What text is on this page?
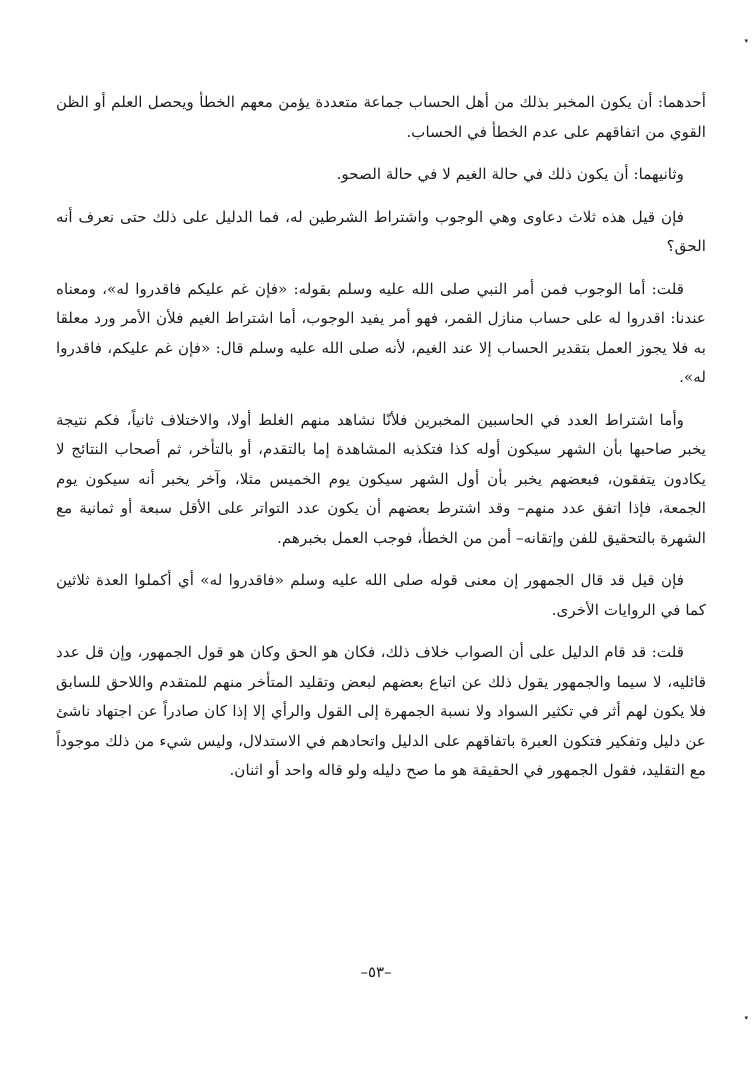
▾

أحدهما: أن يكون المخبر بذلك من أهل الحساب جماعة متعددة يؤمن معهم الخطأ ويحصل العلم أو الظن القوي من اتفاقهم على عدم الخطأ في الحساب.

وثانيهما: أن يكون ذلك في حالة الغيم لا في حالة الصحو.

فإن قيل هذه ثلاث دعاوى وهي الوجوب واشتراط الشرطين له، فما الدليل على ذلك حتى نعرف أنه الحق؟

قلت: أما الوجوب فمن أمر النبي صلى الله عليه وسلم بقوله: «فإن غم عليكم فاقدروا له»، ومعناه عندنا: اقدروا له على حساب منازل القمر، فهو أمر يفيد الوجوب، أما اشتراط الغيم فلأن الأمر ورد معلقا به فلا يجوز العمل بتقدير الحساب إلا عند الغيم، لأنه صلى الله عليه وسلم قال: «فإن غم عليكم، فاقدروا له».

وأما اشتراط العدد في الحاسبين المخبرين فلأنّا نشاهد منهم الغلط أولا، والاختلاف ثانياً، فكم نتيجة يخبر صاحبها بأن الشهر سيكون أوله كذا فتكذبه المشاهدة إما بالتقدم، أو بالتأخر، ثم أصحاب النتائج لا يكادون يتفقون، فبعضهم يخبر بأن أول الشهر سيكون يوم الخميس مثلا، وآخر يخبر أنه سيكون يوم الجمعة، فإذا اتفق عدد منهم– وقد اشترط بعضهم أن يكون عدد التواتر على الأقل سبعة أو ثمانية مع الشهرة بالتحقيق للفن وإتقانه– أمن من الخطأ، فوجب العمل بخبرهم.

فإن قيل قد قال الجمهور إن معنى قوله صلى الله عليه وسلم «فاقدروا له» أي أكملوا العدة ثلاثين كما في الروايات الأخرى.

قلت: قد قام الدليل على أن الصواب خلاف ذلك، فكان هو الحق وكان هو قول الجمهور، وإن قل عدد قائليه، لا سيما والجمهور يقول ذلك عن اتباع بعضهم لبعض وتقليد المتأخر منهم للمتقدم واللاحق للسابق فلا يكون لهم أثر في تكثير السواد ولا نسبة الجمهرة إلى القول والرأي إلا إذا كان صادراً عن اجتهاد ناشئ عن دليل وتفكير فتكون العبرة باتفاقهم على الدليل واتحادهم في الاستدلال، وليس شيء من ذلك موجوداً مع التقليد، فقول الجمهور في الحقيقة هو ما صح دليله ولو قاله واحد أو اثنان.

–٥٣–
▾
